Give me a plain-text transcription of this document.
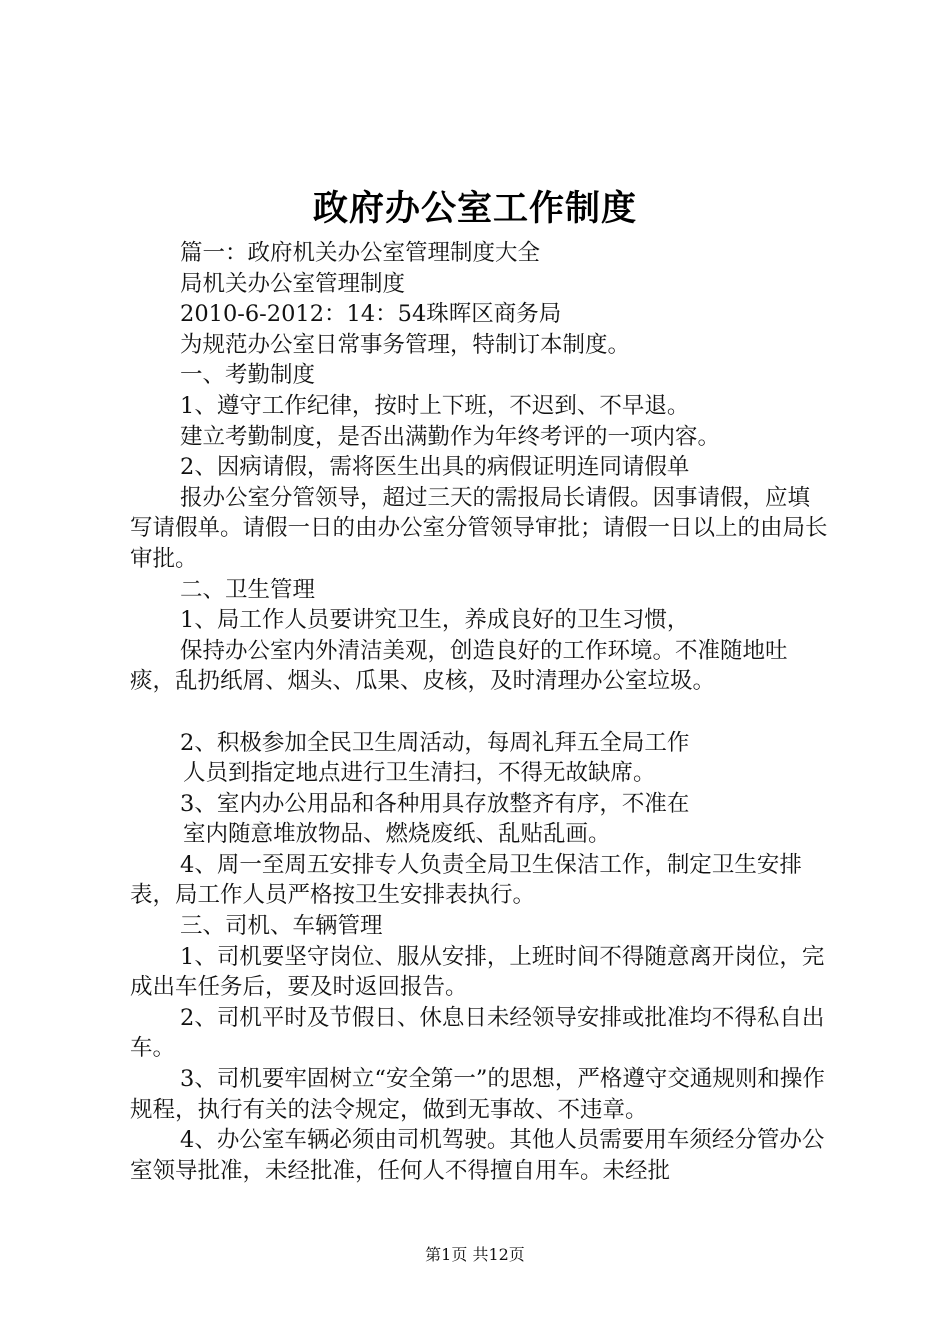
政府办公室工作制度

篇一：政府机关办公室管理制度大全

局机关办公室管理制度

2010-6-2012：14：54珠晖区商务局

为规范办公室日常事务管理，特制订本制度。

一、考勤制度

1、遵守工作纪律，按时上下班，不迟到、不早退。

建立考勤制度，是否出满勤作为年终考评的一项内容。

2、因病请假，需将医生出具的病假证明连同请假单

报办公室分管领导，超过三天的需报局长请假。因事请假，应填写请假单。请假一日的由办公室分管领导审批；请假一日以上的由局长审批。

二、卫生管理

1、局工作人员要讲究卫生，养成良好的卫生习惯，

保持办公室内外清洁美观，创造良好的工作环境。不准随地吐痰，乱扔纸屑、烟头、瓜果、皮核，及时清理办公室垃圾。

2、积极参加全民卫生周活动，每周礼拜五全局工作

人员到指定地点进行卫生清扫，不得无故缺席。

3、室内办公用品和各种用具存放整齐有序，不准在

室内随意堆放物品、燃烧废纸、乱贴乱画。

4、周一至周五安排专人负责全局卫生保洁工作，制定卫生安排表，局工作人员严格按卫生安排表执行。

三、司机、车辆管理

1、司机要坚守岗位、服从安排，上班时间不得随意离开岗位，完成出车任务后，要及时返回报告。

2、司机平时及节假日、休息日未经领导安排或批准均不得私自出车。

3、司机要牢固树立“安全第一”的思想，严格遵守交通规则和操作规程，执行有关的法令规定，做到无事故、不违章。

4、办公室车辆必须由司机驾驶。其他人员需要用车须经分管办公室领导批准，未经批准，任何人不得擅自用车。未经批

第1页 共12页
